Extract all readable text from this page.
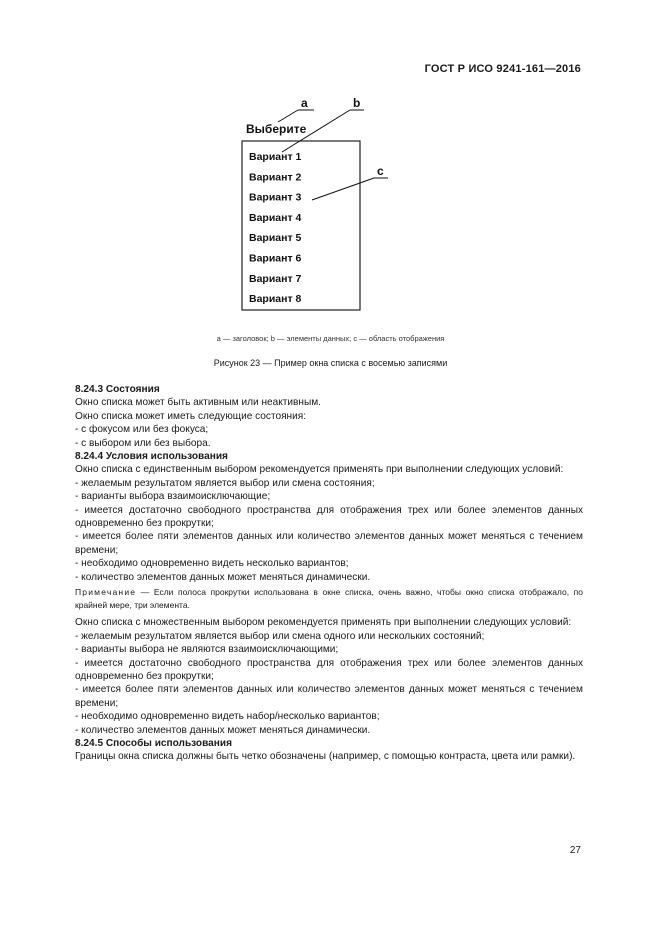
ГОСТ Р ИСО 9241-161—2016
Выберите
Вариант 1
Вариант 2
Вариант 3
Вариант 4
Вариант 5
Вариант 6
Вариант 7
Вариант 8
a	b
c
a — заголовок; b — элементы данных; c — область отображения
Рисунок 23 — Пример окна списка с восемью записями

8.24.3 Состояния

Окно списка может быть активным или неактивным.

Окно списка может иметь следующие состояния:

- с фокусом или без фокуса;

- с выбором или без выбора.

8.24.4 Условия использования

Окно списка с единственным выбором рекомендуется применять при выполнении следующих условий:

- желаемым результатом является выбор или смена состояния;

- варианты выбора взаимоисключающие;

- имеется достаточно свободного пространства для отображения трех или более элементов данных одновременно без прокрутки;

- имеется более пяти элементов данных или количество элементов данных может меняться с течением времени;

- необходимо одновременно видеть несколько вариантов;

- количество элементов данных может меняться динамически.

Примечание — Если полоса прокрутки использована в окне списка, очень важно, чтобы окно списка отображало, по крайней мере, три элемента.

Окно списка с множественным выбором рекомендуется применять при выполнении следующих условий:

- желаемым результатом является выбор или смена одного или нескольких состояний;

- варианты выбора не являются взаимоисключающими;

- имеется достаточно свободного пространства для отображения трех или более элементов данных одновременно без прокрутки;

- имеется более пяти элементов данных или количество элементов данных может меняться с течением времени;

- необходимо одновременно видеть набор/несколько вариантов;

- количество элементов данных может меняться динамически.

8.24.5 Способы использования

Границы окна списка должны быть четко обозначены (например, с помощью контраста, цвета или рамки).

27
